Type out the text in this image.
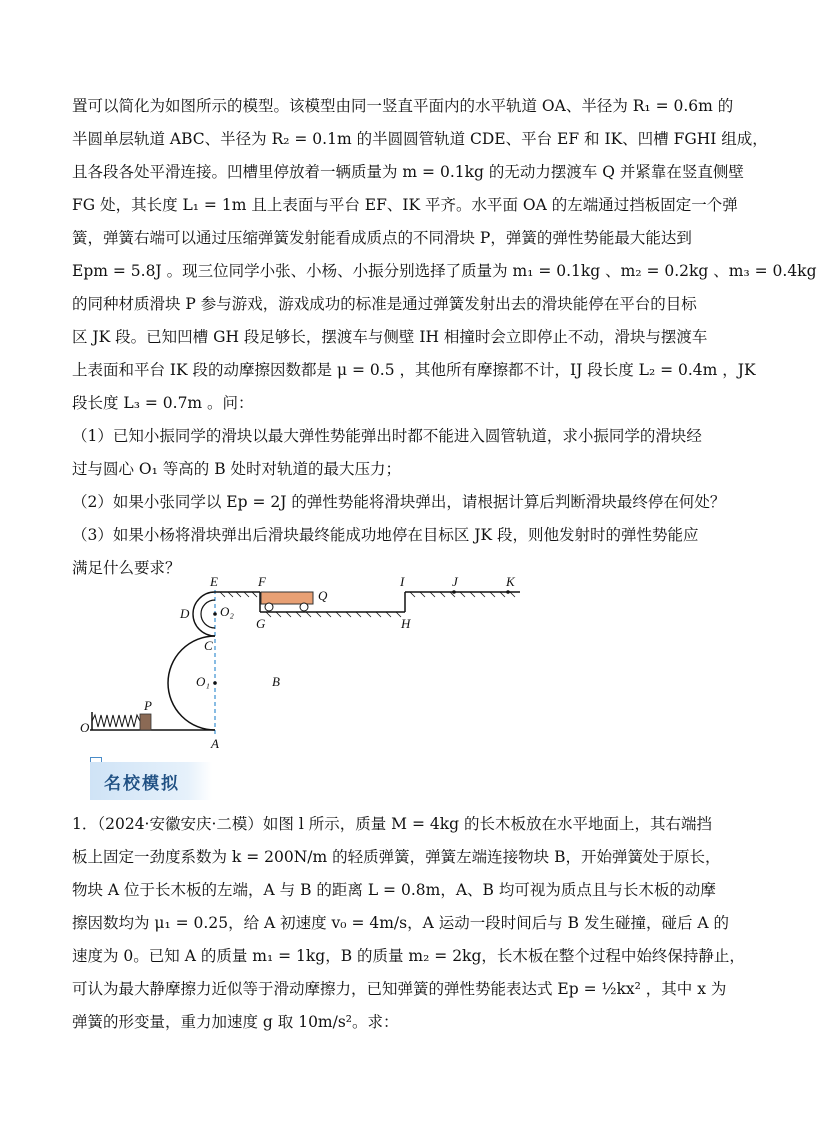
置可以简化为如图所示的模型。该模型由同一竖直平面内的水平轨道 OA、半径为 R₁ = 0.6m 的
半圆单层轨道 ABC、半径为 R₂ = 0.1m 的半圆圆管轨道 CDE、平台 EF 和 IK、凹槽 FGHI 组成，
且各段各处平滑连接。凹槽里停放着一辆质量为 m = 0.1kg 的无动力摆渡车 Q 并紧靠在竖直侧壁
FG 处，其长度 L₁ = 1m 且上表面与平台 EF、IK 平齐。水平面 OA 的左端通过挡板固定一个弹
簧，弹簧右端可以通过压缩弹簧发射能看成质点的不同滑块 P，弹簧的弹性势能最大能达到
Epm = 5.8J 。现三位同学小张、小杨、小振分别选择了质量为 m₁ = 0.1kg 、m₂ = 0.2kg 、m₃ = 0.4kg
的同种材质滑块 P 参与游戏，游戏成功的标准是通过弹簧发射出去的滑块能停在平台的目标
区 JK 段。已知凹槽 GH 段足够长，摆渡车与侧壁 IH 相撞时会立即停止不动，滑块与摆渡车
上表面和平台 IK 段的动摩擦因数都是 μ = 0.5 ，其他所有摩擦都不计，IJ 段长度 L₂ = 0.4m ，JK
段长度 L₃ = 0.7m 。问：
（1）已知小振同学的滑块以最大弹性势能弹出时都不能进入圆管轨道，求小振同学的滑块经
过与圆心 O₁ 等高的 B 处时对轨道的最大压力；
（2）如果小张同学以 Ep = 2J 的弹性势能将滑块弹出，请根据计算后判断滑块最终停在何处？
（3）如果小杨将滑块弹出后滑块最终能成功地停在目标区 JK 段，则他发射时的弹性势能应
满足什么要求？
E	F
Q
I	J	K
D O₂
G	H
C
O₁	B
P
O
A
名校模拟
1．（2024·安徽安庆·二模）如图 l 所示，质量 M = 4kg 的长木板放在水平地面上，其右端挡
板上固定一劲度系数为 k = 200N/m 的轻质弹簧，弹簧左端连接物块 B，开始弹簧处于原长，
物块 A 位于长木板的左端，A 与 B 的距离 L = 0.8m，A、B 均可视为质点且与长木板的动摩
擦因数均为 μ₁ = 0.25，给 A 初速度 v₀ = 4m/s，A 运动一段时间后与 B 发生碰撞，碰后 A 的
速度为 0。已知 A 的质量 m₁ = 1kg，B 的质量 m₂ = 2kg，长木板在整个过程中始终保持静止，
可认为最大静摩擦力近似等于滑动摩擦力，已知弹簧的弹性势能表达式 Ep = ½kx² ，其中 x 为
弹簧的形变量，重力加速度 g 取 10m/s²。求：
